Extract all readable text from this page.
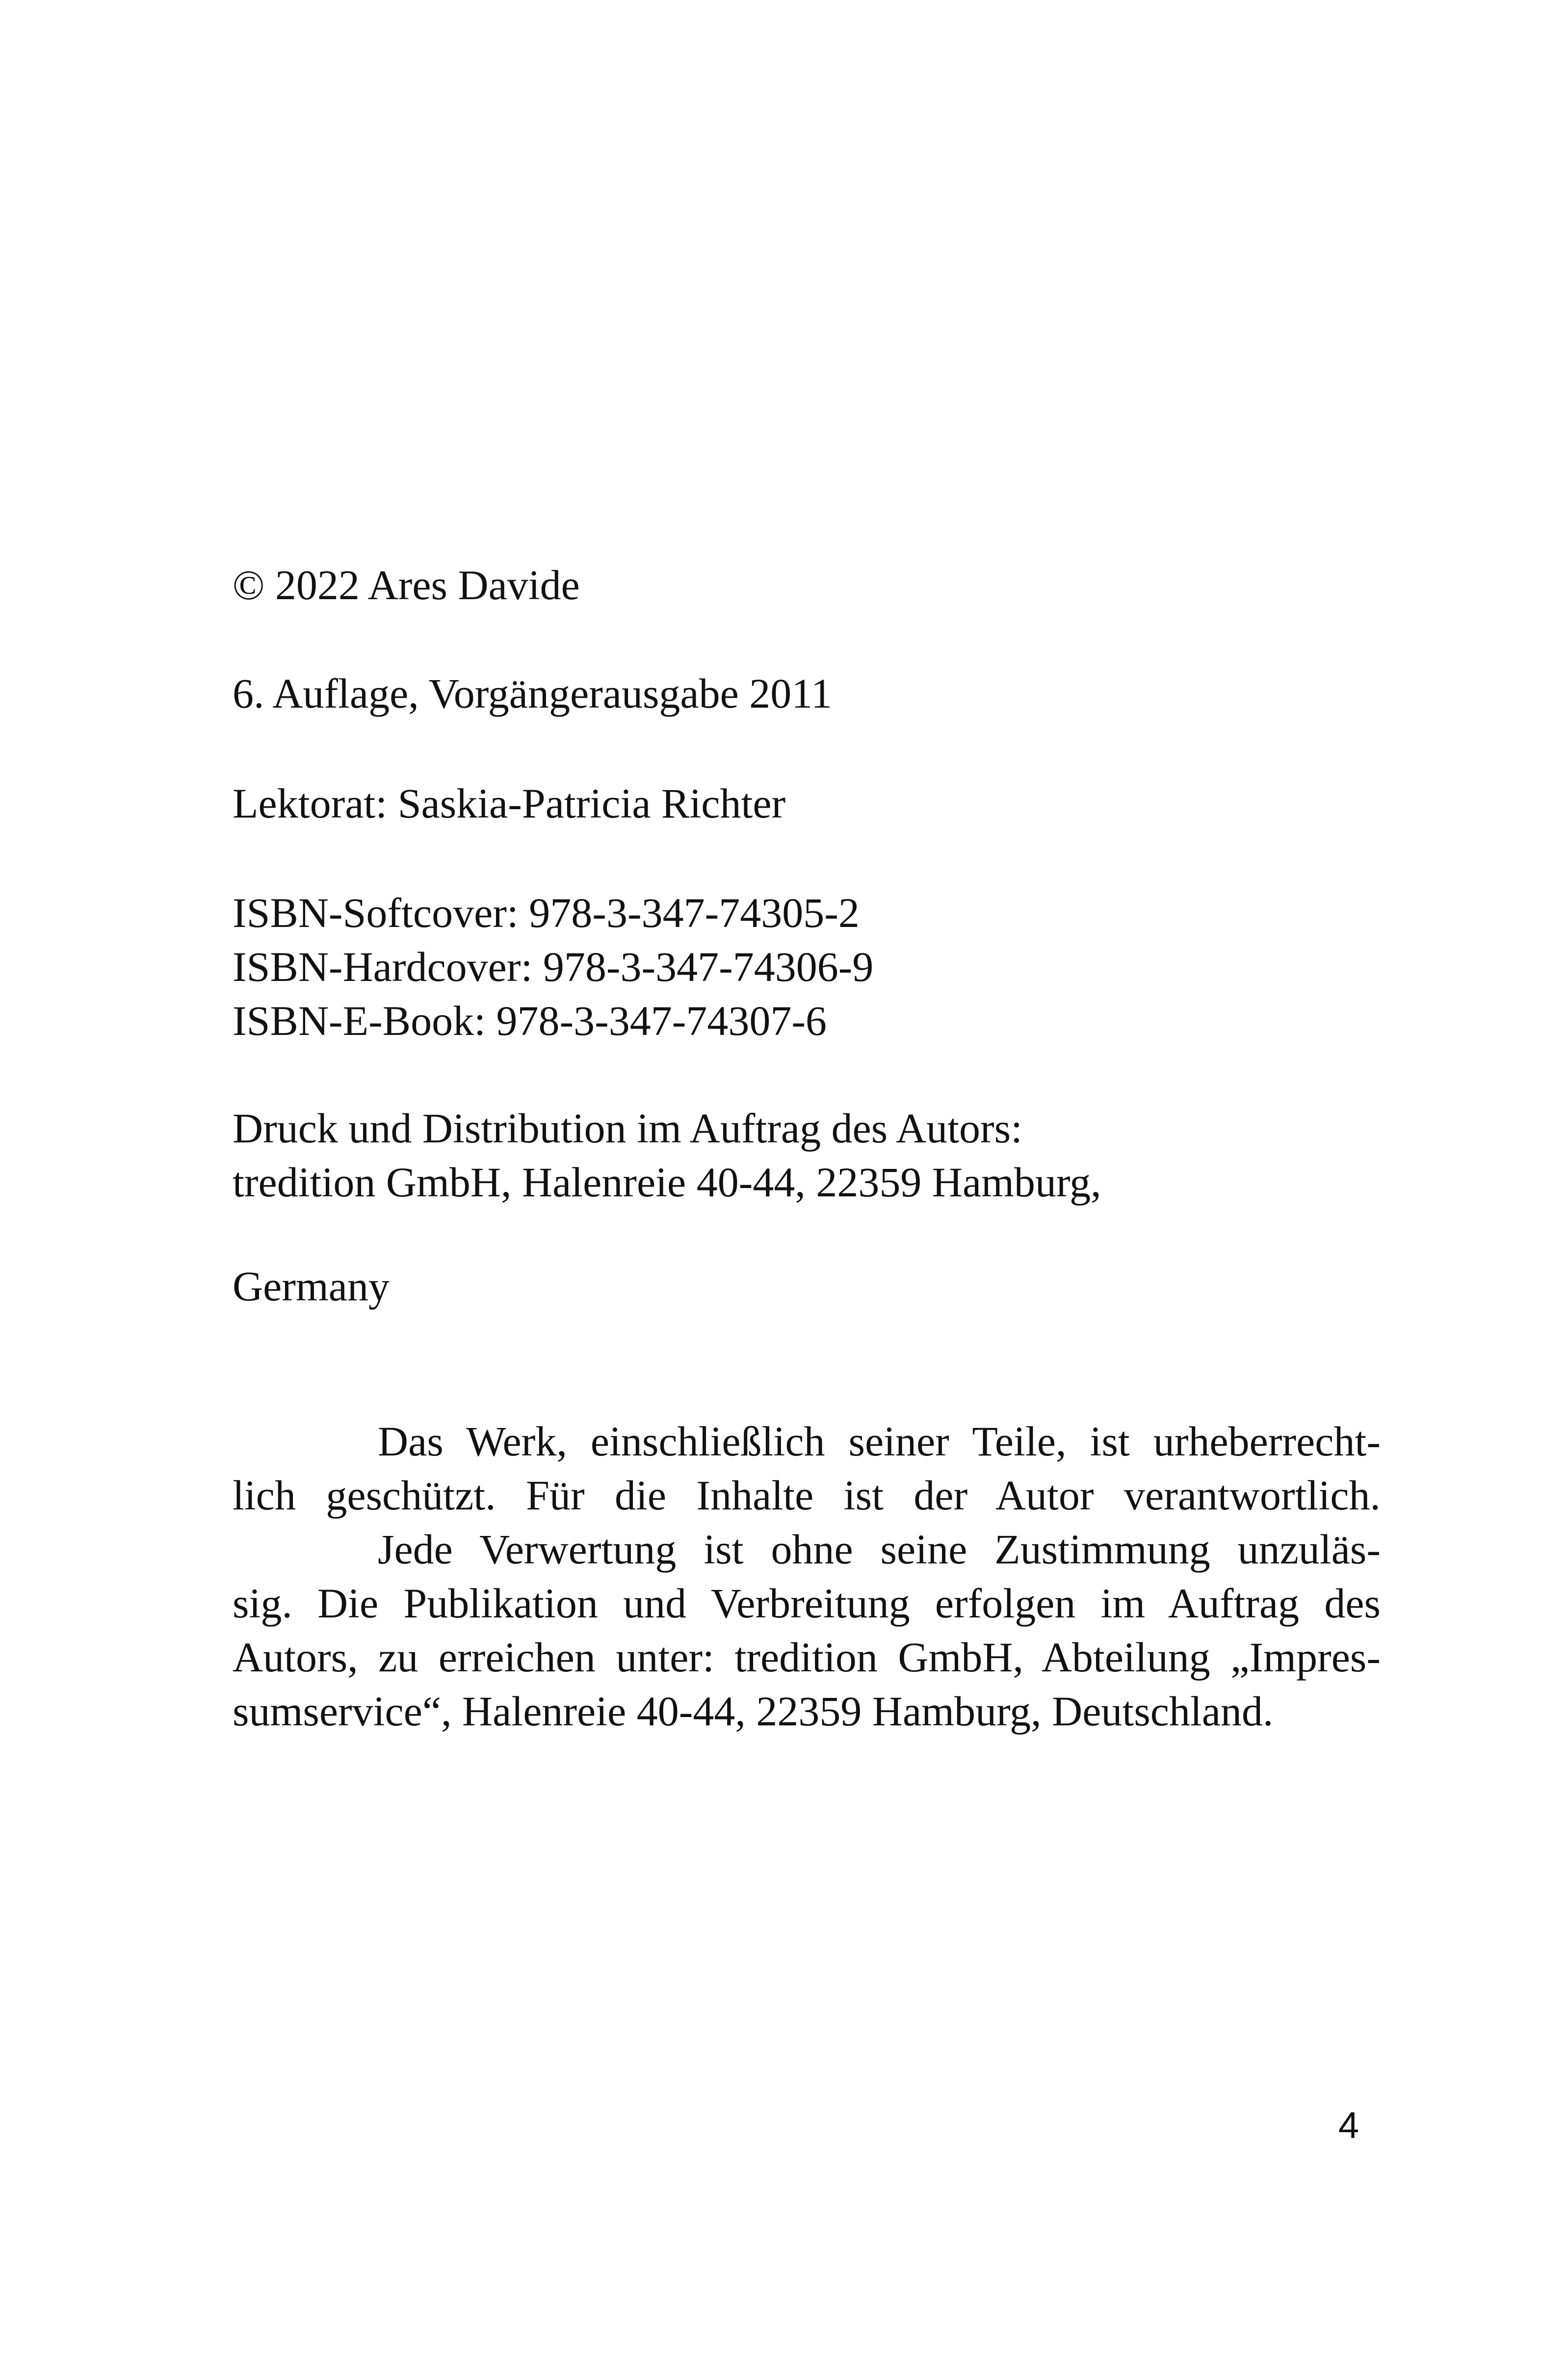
© 2022 Ares Davide
6. Auflage, Vorgängerausgabe 2011
Lektorat: Saskia-Patricia Richter
ISBN-Softcover: 978-3-347-74305-2
ISBN-Hardcover: 978-3-347-74306-9
ISBN-E-Book: 978-3-347-74307-6
Druck und Distribution im Auftrag des Autors:
tredition GmbH, Halenreie 40-44, 22359 Hamburg,
Germany
Das Werk, einschließlich seiner Teile, ist urheberrecht-
lich geschützt. Für die Inhalte ist der Autor verantwortlich.
Jede Verwertung ist ohne seine Zustimmung unzuläs-
sig. Die Publikation und Verbreitung erfolgen im Auftrag des
Autors, zu erreichen unter: tredition GmbH, Abteilung „Impres-
sumservice“, Halenreie 40-44, 22359 Hamburg, Deutschland.
4
